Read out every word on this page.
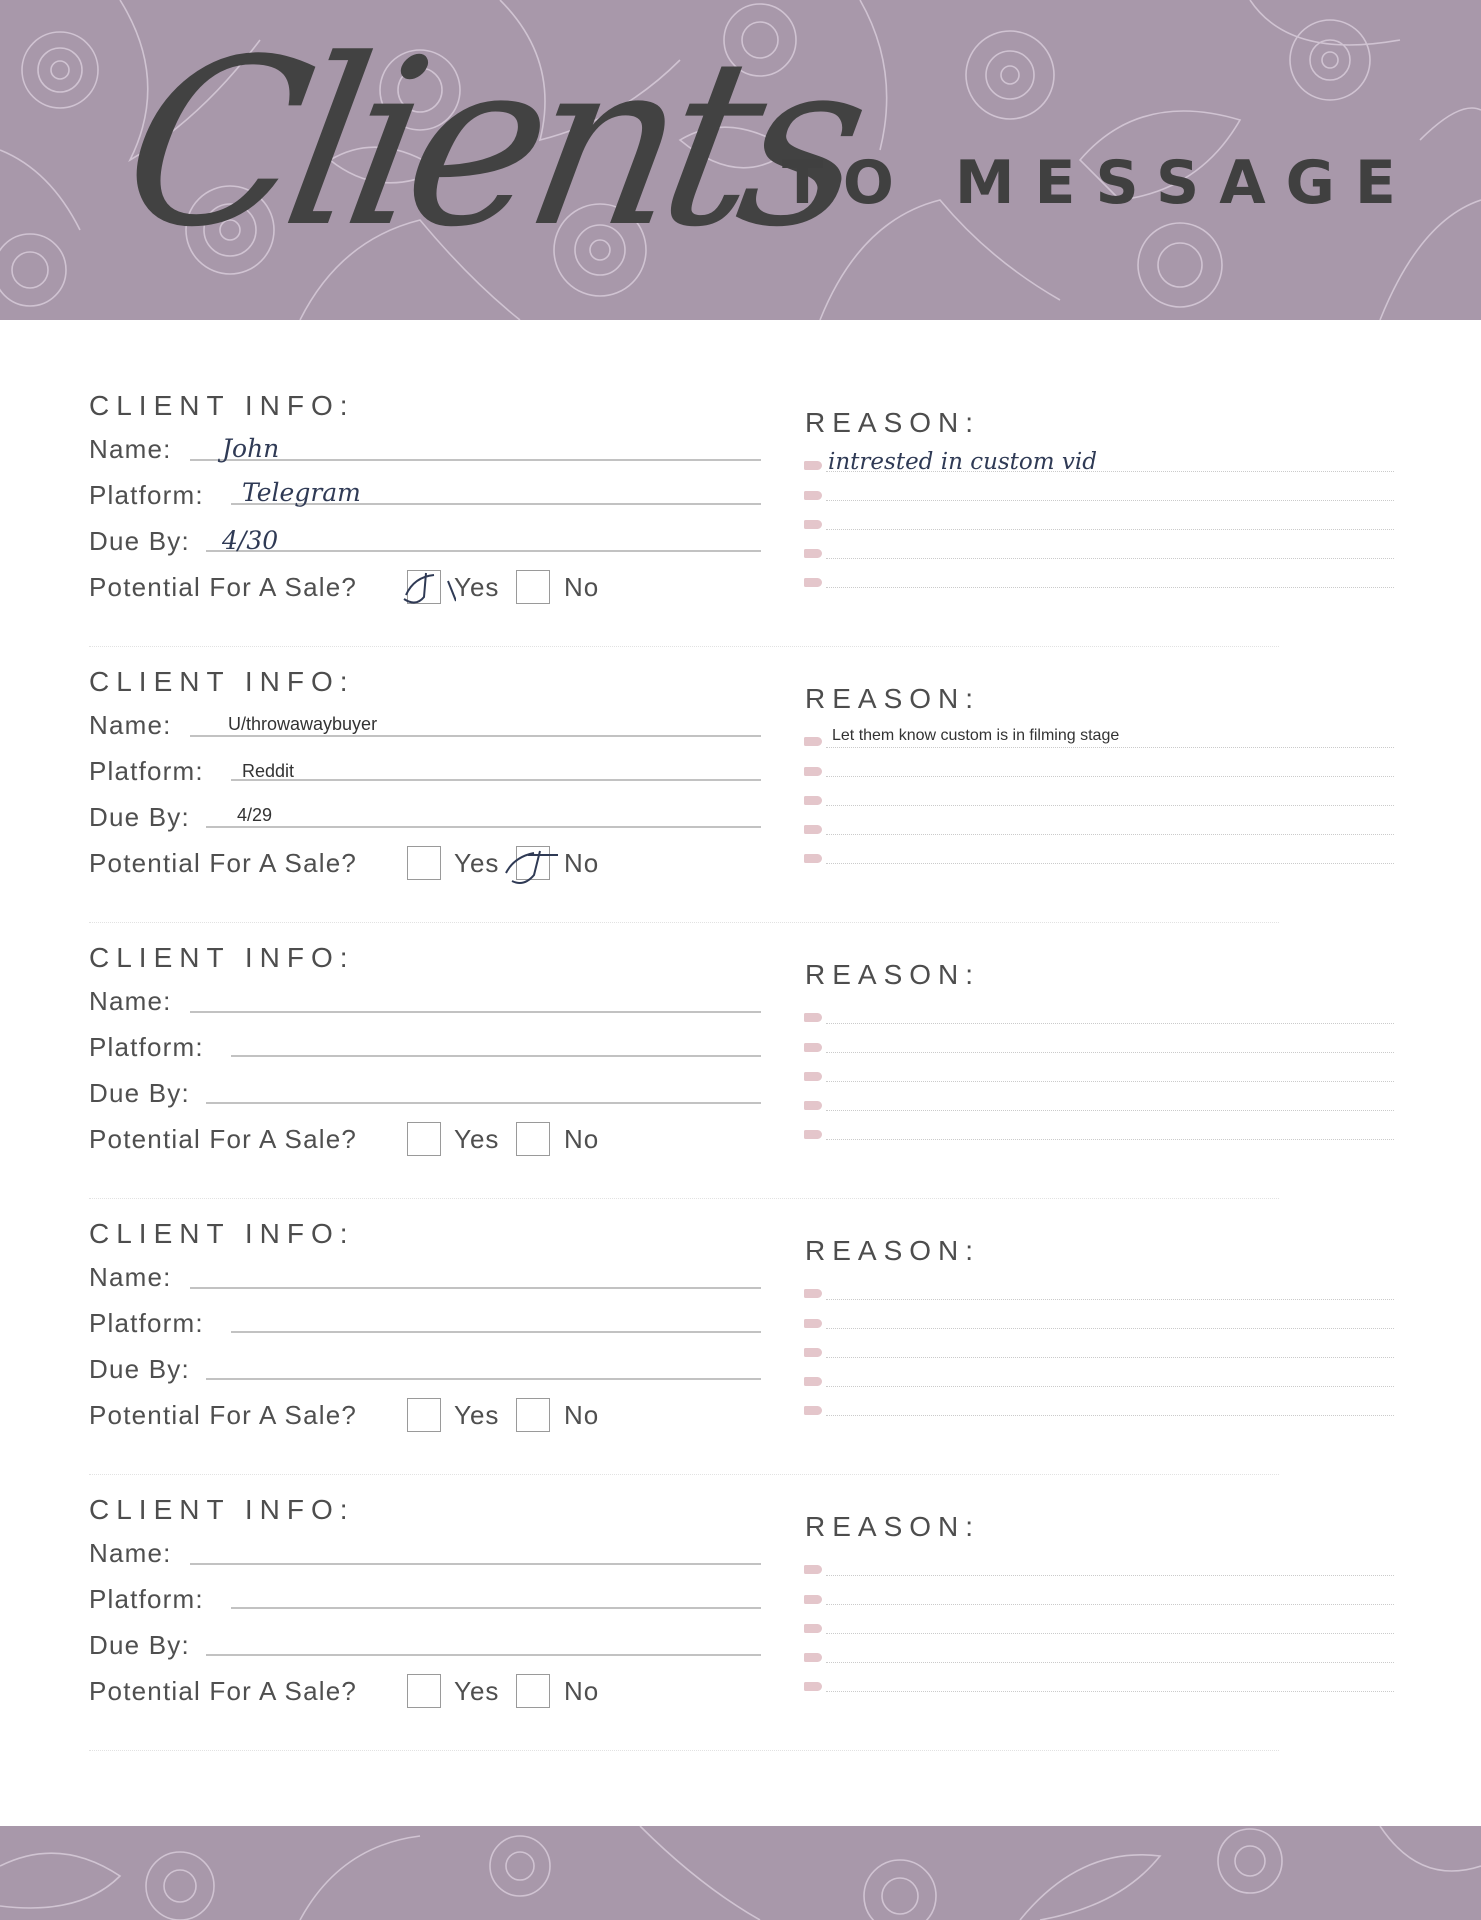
Clients
TO MESSAGE
CLIENT INFO:
Name: John
Platform: Telegram
Due By: 4/30
Potential For A Sale?	Yes No
REASON:
intrested in custom vid
CLIENT INFO:
Name:	U/throwawaybuyer
Platform: Reddit
Due By:	4/29
Potential For A Sale?	Yes No
REASON:
Let them know custom is in filming stage
CLIENT INFO:
Name:
Platform:
Due By:
Potential For A Sale?	Yes No
REASON:
CLIENT INFO:
Name:
Platform:
Due By:
Potential For A Sale?	Yes No
REASON:
CLIENT INFO:
Name:
Platform:
Due By:
Potential For A Sale?	Yes No
REASON:
